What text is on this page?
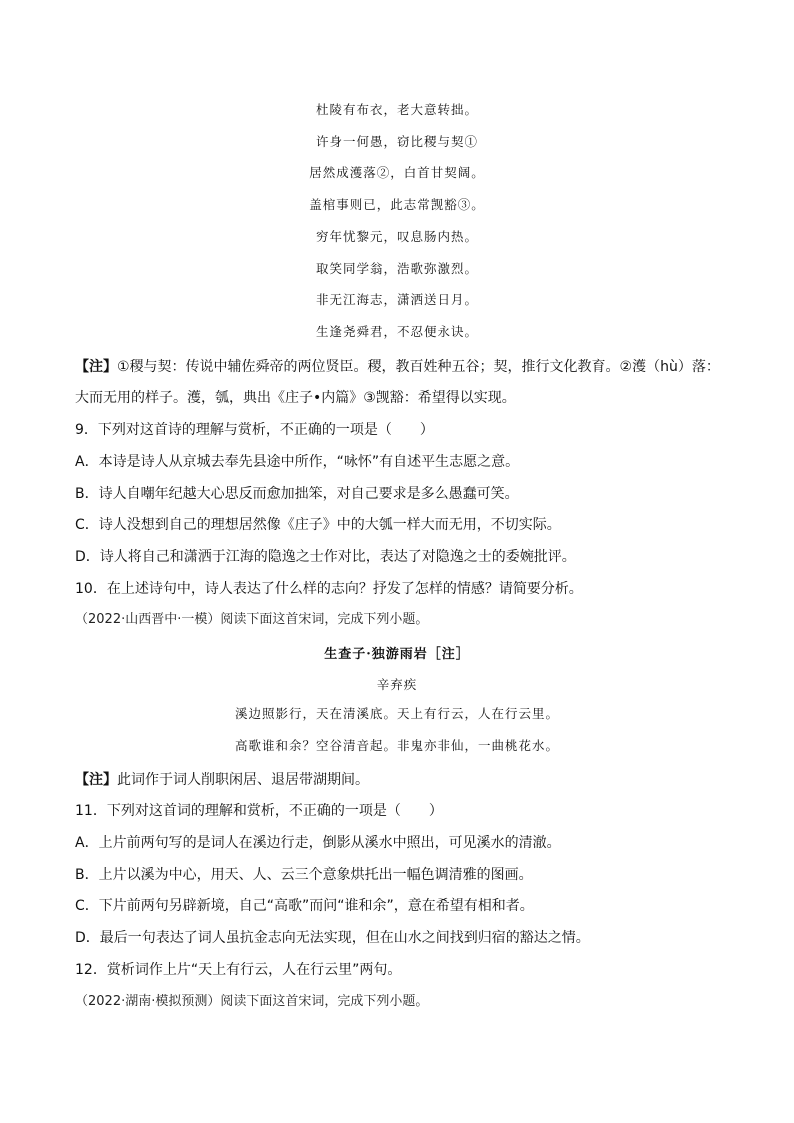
杜陵有布衣，老大意转拙。
许身一何愚，窃比稷与契①
居然成濩落②，白首甘契阔。
盖棺事则已，此志常觊豁③。
穷年忧黎元，叹息肠内热。
取笑同学翁，浩歌弥激烈。
非无江海志，潇洒送日月。
生逢尧舜君，不忍便永诀。
【注】①稷与契：传说中辅佐舜帝的两位贤臣。稷，教百姓种五谷；契，推行文化教育。②濩（hù）落：
大而无用的样子。濩，瓠，典出《庄子•内篇》③觊豁：希望得以实现。
9．下列对这首诗的理解与赏析，不正确的一项是（　　）
A．本诗是诗人从京城去奉先县途中所作，“咏怀”有自述平生志愿之意。
B．诗人自嘲年纪越大心思反而愈加拙笨，对自己要求是多么愚蠢可笑。
C．诗人没想到自己的理想居然像《庄子》中的大瓠一样大而无用，不切实际。
D．诗人将自己和潇洒于江海的隐逸之士作对比，表达了对隐逸之士的委婉批评。
10．在上述诗句中，诗人表达了什么样的志向？抒发了怎样的情感？请简要分析。
（2022·山西晋中·一模）阅读下面这首宋词，完成下列小题。
生查子·独游雨岩［注］
辛弃疾
溪边照影行，天在清溪底。天上有行云，人在行云里。
高歌谁和余？空谷清音起。非鬼亦非仙，一曲桃花水。
【注】此词作于词人削职闲居、退居带湖期间。
11．下列对这首词的理解和赏析，不正确的一项是（　　）
A．上片前两句写的是词人在溪边行走，倒影从溪水中照出，可见溪水的清澈。
B．上片以溪为中心，用天、人、云三个意象烘托出一幅色调清雅的图画。
C．下片前两句另辟新境，自己“高歌”而问“谁和余”，意在希望有相和者。
D．最后一句表达了词人虽抗金志向无法实现，但在山水之间找到归宿的豁达之情。
12．赏析词作上片“天上有行云，人在行云里”两句。
（2022·湖南·模拟预测）阅读下面这首宋词，完成下列小题。
